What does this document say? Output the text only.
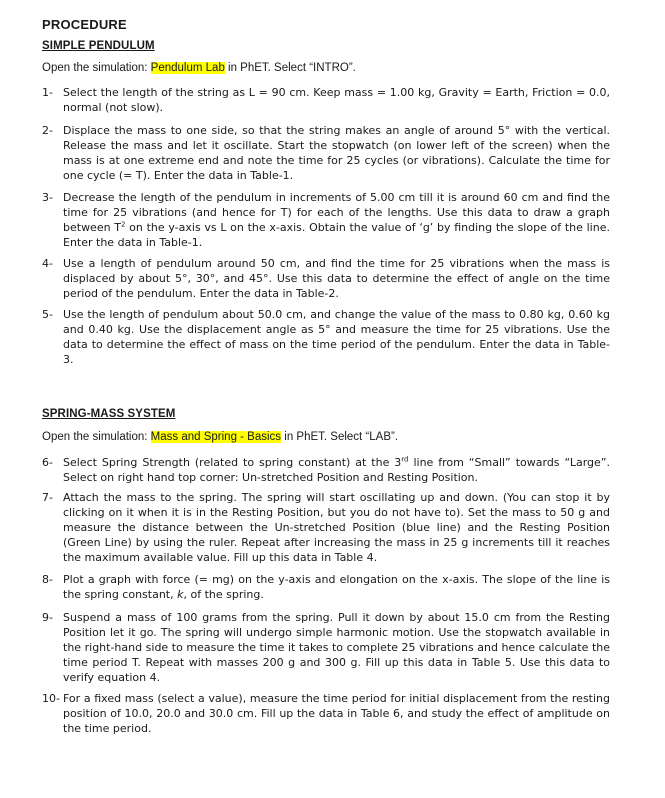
PROCEDURE
SIMPLE PENDULUM
Open the simulation: Pendulum Lab in PhET. Select “INTRO”.
1- Select the length of the string as L = 90 cm. Keep mass = 1.00 kg, Gravity = Earth, Friction = 0.0, normal (not slow).
2- Displace the mass to one side, so that the string makes an angle of around 5° with the vertical. Release the mass and let it oscillate. Start the stopwatch (on lower left of the screen) when the mass is at one extreme end and note the time for 25 cycles (or vibrations). Calculate the time for one cycle (= T). Enter the data in Table-1.
3- Decrease the length of the pendulum in increments of 5.00 cm till it is around 60 cm and find the time for 25 vibrations (and hence for T) for each of the lengths. Use this data to draw a graph between $T^2$ on the y-axis vs L on the x-axis. Obtain the value of ‘g’ by finding the slope of the line. Enter the data in Table-1.
4- Use a length of pendulum around 50 cm, and find the time for 25 vibrations when the mass is displaced by about 5°, 30°, and 45°. Use this data to determine the effect of angle on the time period of the pendulum. Enter the data in Table-2.
5- Use the length of pendulum about 50.0 cm, and change the value of the mass to 0.80 kg, 0.60 kg and 0.40 kg. Use the displacement angle as 5° and measure the time for 25 vibrations. Use the data to determine the effect of mass on the time period of the pendulum. Enter the data in Table-3.
SPRING-MASS SYSTEM
Open the simulation: Mass and Spring - Basics in PhET. Select “LAB”.
6- Select Spring Strength (related to spring constant) at the 3rd line from “Small” towards “Large”. Select on right hand top corner: Un-stretched Position and Resting Position.
7- Attach the mass to the spring. The spring will start oscillating up and down. (You can stop it by clicking on it when it is in the Resting Position, but you do not have to). Set the mass to 50 g and measure the distance between the Un-stretched Position (blue line) and the Resting Position (Green Line) by using the ruler. Repeat after increasing the mass in 25 g increments till it reaches the maximum available value. Fill up this data in Table 4.
8- Plot a graph with force (= mg) on the y-axis and elongation on the x-axis. The slope of the line is the spring constant, k, of the spring.
9- Suspend a mass of 100 grams from the spring. Pull it down by about 15.0 cm from the Resting Position let it go. The spring will undergo simple harmonic motion. Use the stopwatch available in the right-hand side to measure the time it takes to complete 25 vibrations and hence calculate the time period T. Repeat with masses 200 g and 300 g. Fill up this data in Table 5. Use this data to verify equation 4.
10- For a fixed mass (select a value), measure the time period for initial displacement from the resting position of 10.0, 20.0 and 30.0 cm. Fill up the data in Table 6, and study the effect of amplitude on the time period.
